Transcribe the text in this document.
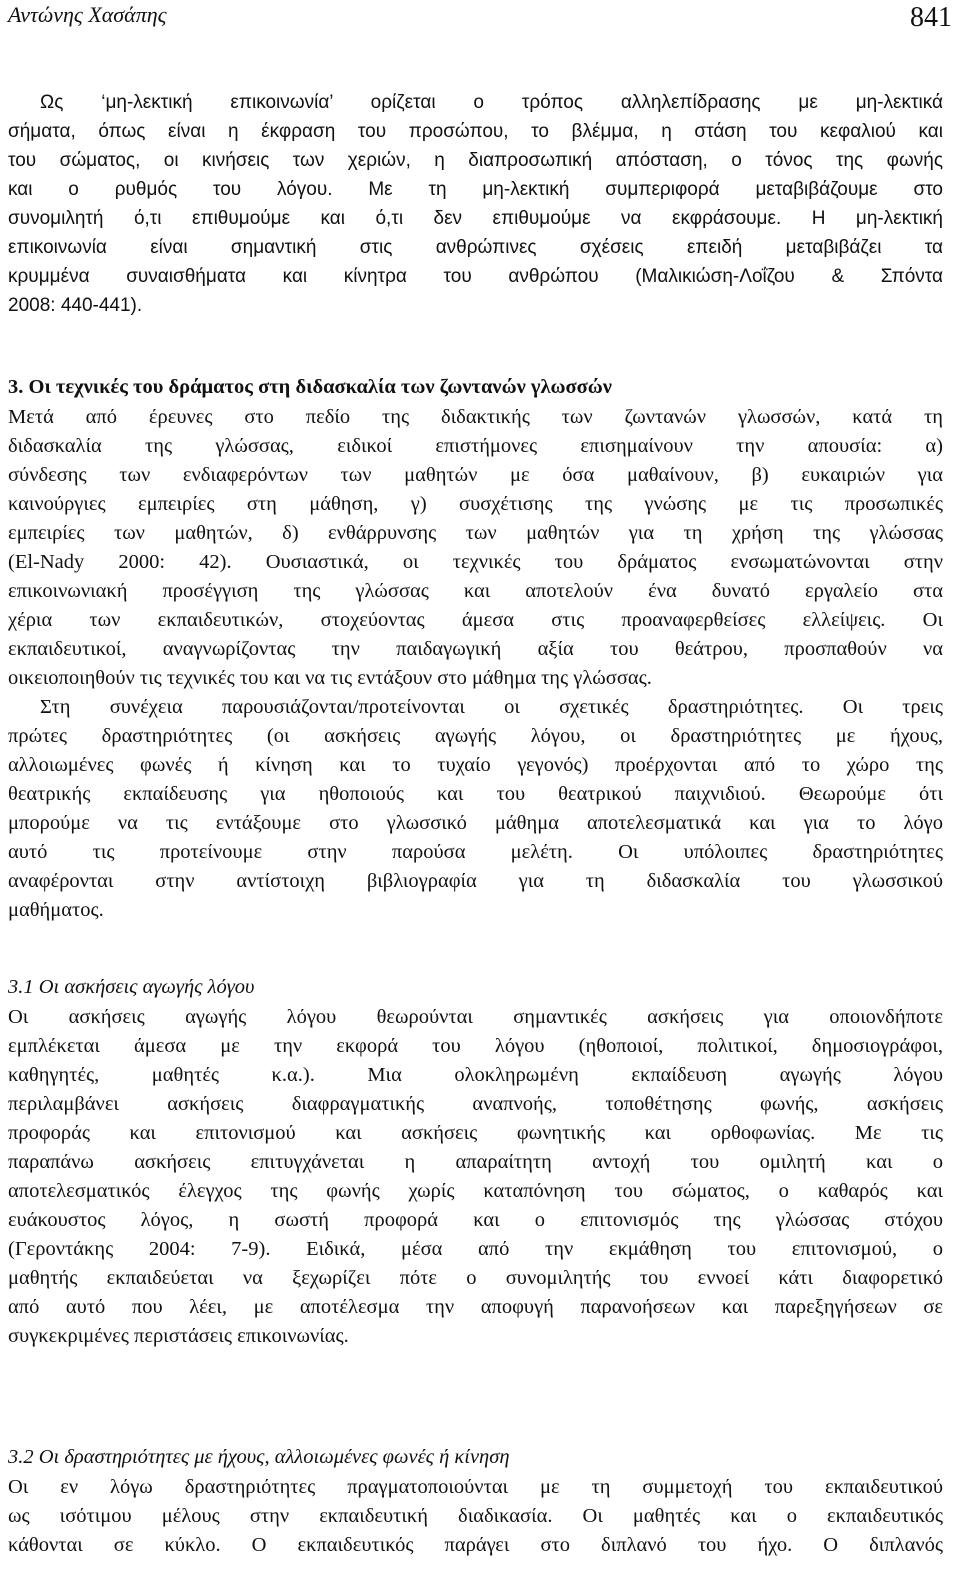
Αντώνης Χασάπης	841
Ως ‘μη-λεκτική επικοινωνία’ ορίζεται ο τρόπος αλληλεπίδρασης με μη-λεκτικά
σήματα, όπως είναι η έκφραση του προσώπου, το βλέμμα, η στάση του κεφαλιού και
του σώματος, οι κινήσεις των χεριών, η διαπροσωπική απόσταση, ο τόνος της φωνής
και ο ρυθμός του λόγου. Με τη μη-λεκτική συμπεριφορά μεταβιβάζουμε στο
συνομιλητή ό,τι επιθυμούμε και ό,τι δεν επιθυμούμε να εκφράσουμε. Η μη-λεκτική
επικοινωνία είναι σημαντική στις ανθρώπινες σχέσεις επειδή μεταβιβάζει τα
κρυμμένα συναισθήματα και κίνητρα του ανθρώπου (Μαλικιώση-Λοΐζου & Σπόντα
2008: 440-441).
3. Οι τεχνικές του δράματος στη διδασκαλία των ζωντανών γλωσσών
Μετά από έρευνες στο πεδίο της διδακτικής των ζωντανών γλωσσών, κατά τη
διδασκαλία της γλώσσας, ειδικοί επιστήμονες επισημαίνουν την απουσία: α)
σύνδεσης των ενδιαφερόντων των μαθητών με όσα μαθαίνουν, β) ευκαιριών για
καινούργιες εμπειρίες στη μάθηση, γ) συσχέτισης της γνώσης με τις προσωπικές
εμπειρίες των μαθητών, δ) ενθάρρυνσης των μαθητών για τη χρήση της γλώσσας
(El-Nady 2000: 42). Ουσιαστικά, οι τεχνικές του δράματος ενσωματώνονται στην
επικοινωνιακή προσέγγιση της γλώσσας και αποτελούν ένα δυνατό εργαλείο στα
χέρια των εκπαιδευτικών, στοχεύοντας άμεσα στις προαναφερθείσες ελλείψεις. Οι
εκπαιδευτικοί, αναγνωρίζοντας την παιδαγωγική αξία του θεάτρου, προσπαθούν να
οικειοποιηθούν τις τεχνικές του και να τις εντάξουν στο μάθημα της γλώσσας.
Στη συνέχεια παρουσιάζονται/προτείνονται οι σχετικές δραστηριότητες. Οι τρεις
πρώτες δραστηριότητες (οι ασκήσεις αγωγής λόγου, οι δραστηριότητες με ήχους,
αλλοιωμένες φωνές ή κίνηση και το τυχαίο γεγονός) προέρχονται από το χώρο της
θεατρικής εκπαίδευσης για ηθοποιούς και του θεατρικού παιχνιδιού. Θεωρούμε ότι
μπορούμε να τις εντάξουμε στο γλωσσικό μάθημα αποτελεσματικά και για το λόγο
αυτό τις προτείνουμε στην παρούσα μελέτη. Οι υπόλοιπες δραστηριότητες
αναφέρονται στην αντίστοιχη βιβλιογραφία για τη διδασκαλία του γλωσσικού
μαθήματος.
3.1 Οι ασκήσεις αγωγής λόγου
Οι ασκήσεις αγωγής λόγου θεωρούνται σημαντικές ασκήσεις για οποιονδήποτε
εμπλέκεται άμεσα με την εκφορά του λόγου (ηθοποιοί, πολιτικοί, δημοσιογράφοι,
καθηγητές, μαθητές κ.α.). Μια ολοκληρωμένη εκπαίδευση αγωγής λόγου
περιλαμβάνει ασκήσεις διαφραγματικής αναπνοής, τοποθέτησης φωνής, ασκήσεις
προφοράς και επιτονισμού και ασκήσεις φωνητικής και ορθοφωνίας. Με τις
παραπάνω ασκήσεις επιτυγχάνεται η απαραίτητη αντοχή του ομιλητή και ο
αποτελεσματικός έλεγχος της φωνής χωρίς καταπόνηση του σώματος, ο καθαρός και
ευάκουστος λόγος, η σωστή προφορά και ο επιτονισμός της γλώσσας στόχου
(Γεροντάκης 2004: 7-9). Ειδικά, μέσα από την εκμάθηση του επιτονισμού, ο
μαθητής εκπαιδεύεται να ξεχωρίζει πότε ο συνομιλητής του εννοεί κάτι διαφορετικό
από αυτό που λέει, με αποτέλεσμα την αποφυγή παρανοήσεων και παρεξηγήσεων σε
συγκεκριμένες περιστάσεις επικοινωνίας.
3.2 Οι δραστηριότητες με ήχους, αλλοιωμένες φωνές ή κίνηση
Οι εν λόγω δραστηριότητες πραγματοποιούνται με τη συμμετοχή του εκπαιδευτικού
ως ισότιμου μέλους στην εκπαιδευτική διαδικασία. Οι μαθητές και ο εκπαιδευτικός
κάθονται σε κύκλο. Ο εκπαιδευτικός παράγει στο διπλανό του ήχο. Ο διπλανός
